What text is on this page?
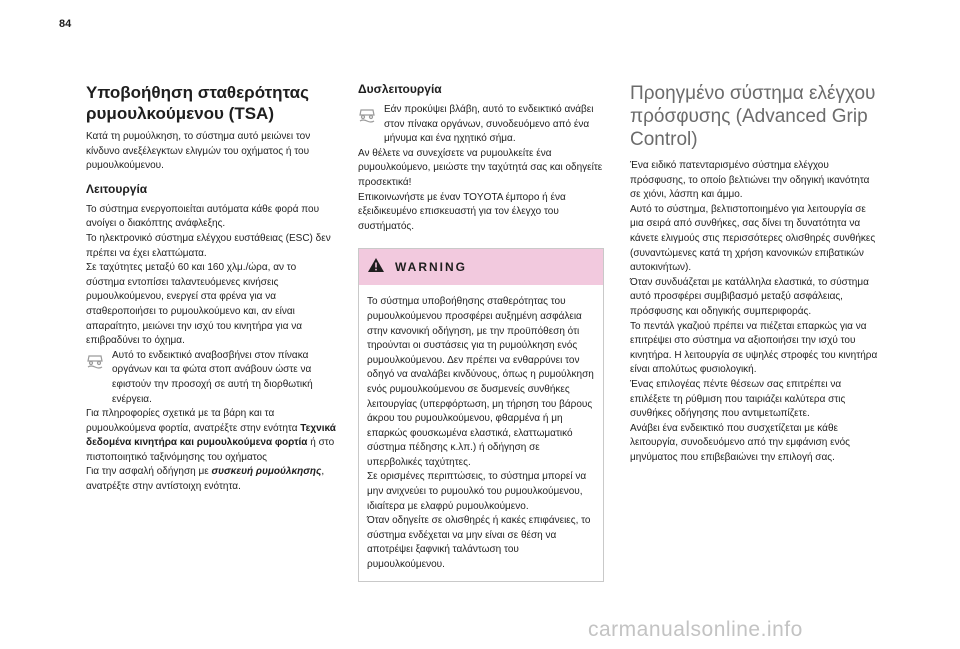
84
Υποβοήθηση σταθερότητας ρυμουλκούμενου (TSA)

Κατά τη ρυμούλκηση, το σύστημα αυτό μειώνει τον κίνδυνο ανεξέλεγκτων ελιγμών του οχήματος ή του ρυμουλκούμενου.

Λειτουργία

Το σύστημα ενεργοποιείται αυτόματα κάθε φορά που ανοίγει ο διακόπτης ανάφλεξης.

Το ηλεκτρονικό σύστημα ελέγχου ευστάθειας (ESC) δεν πρέπει να έχει ελαττώματα.

Σε ταχύτητες μεταξύ 60 και 160 χλμ./ώρα, αν το σύστημα εντοπίσει ταλαντευόμενες κινήσεις ρυμουλκούμενου, ενεργεί στα φρένα για να σταθεροποιήσει το ρυμουλκούμενο και, αν είναι απαραίτητο, μειώνει την ισχύ του κινητήρα για να επιβραδύνει το όχημα.

Αυτό το ενδεικτικό αναβοσβήνει στον πίνακα οργάνων και τα φώτα στοπ ανάβουν ώστε να εφιστούν την προσοχή σε αυτή τη διορθωτική ενέργεια.

Για πληροφορίες σχετικά με τα βάρη και τα ρυμουλκούμενα φορτία, ανατρέξτε στην ενότητα Τεχνικά δεδομένα κινητήρα και ρυμουλκούμενα φορτία ή στο πιστοποιητικό ταξινόμησης του οχήματος

Για την ασφαλή οδήγηση με συσκευή ρυμούλκησης, ανατρέξτε στην αντίστοιχη ενότητα.

Δυσλειτουργία

Εάν προκύψει βλάβη, αυτό το ενδεικτικό ανάβει στον πίνακα οργάνων, συνοδευόμενο από ένα μήνυμα και ένα ηχητικό σήμα.

Αν θέλετε να συνεχίσετε να ρυμουλκείτε ένα ρυμουλκούμενο, μειώστε την ταχύτητά σας και οδηγείτε προσεκτικά!

Επικοινωνήστε με έναν TOYOTA έμπορο ή ένα εξειδικευμένο επισκευαστή για τον έλεγχο του συστήματός.

WARNING

Το σύστημα υποβοήθησης σταθερότητας του ρυμουλκούμενου προσφέρει αυξημένη ασφάλεια στην κανονική οδήγηση, με την προϋπόθεση ότι τηρούνται οι συστάσεις για τη ρυμούλκηση ενός ρυμουλκούμενου. Δεν πρέπει να ενθαρρύνει τον οδηγό να αναλάβει κινδύνους, όπως η ρυμούλκηση ενός ρυμουλκούμενου σε δυσμενείς συνθήκες λειτουργίας (υπερφόρτωση, μη τήρηση του βάρους άκρου του ρυμουλκούμενου, φθαρμένα ή μη επαρκώς φουσκωμένα ελαστικά, ελαττωματικό σύστημα πέδησης κ.λπ.) ή οδήγηση σε υπερβολικές ταχύτητες.

Σε ορισμένες περιπτώσεις, το σύστημα μπορεί να μην ανιχνεύει το ρυμουλκό του ρυμουλκούμενου, ιδιαίτερα με ελαφρύ ρυμουλκούμενο.

Όταν οδηγείτε σε ολισθηρές ή κακές επιφάνειες, το σύστημα ενδέχεται να μην είναι σε θέση να αποτρέψει ξαφνική ταλάντωση του ρυμουλκούμενου.

Προηγμένο σύστημα ελέγχου πρόσφυσης (Advanced Grip Control)

Ένα ειδικό πατενταρισμένο σύστημα ελέγχου πρόσφυσης, το οποίο βελτιώνει την οδηγική ικανότητα σε χιόνι, λάσπη και άμμο.

Αυτό το σύστημα, βελτιστοποιημένο για λειτουργία σε μια σειρά από συνθήκες, σας δίνει τη δυνατότητα να κάνετε ελιγμούς στις περισσότερες ολισθηρές συνθήκες (συναντώμενες κατά τη χρήση κανονικών επιβατικών αυτοκινήτων).

Όταν συνδυάζεται με κατάλληλα ελαστικά, το σύστημα αυτό προσφέρει συμβιβασμό μεταξύ ασφάλειας, πρόσφυσης και οδηγικής συμπεριφοράς.

Το πεντάλ γκαζιού πρέπει να πιέζεται επαρκώς για να επιτρέψει στο σύστημα να αξιοποιήσει την ισχύ του κινητήρα. Η λειτουργία σε υψηλές στροφές του κινητήρα είναι απολύτως φυσιολογική.

Ένας επιλογέας πέντε θέσεων σας επιτρέπει να επιλέξετε τη ρύθμιση που ταιριάζει καλύτερα στις συνθήκες οδήγησης που αντιμετωπίζετε.

Ανάβει ένα ενδεικτικό που συσχετίζεται με κάθε λειτουργία, συνοδευόμενο από την εμφάνιση ενός μηνύματος που επιβεβαιώνει την επιλογή σας.

carmanualsonline.info
